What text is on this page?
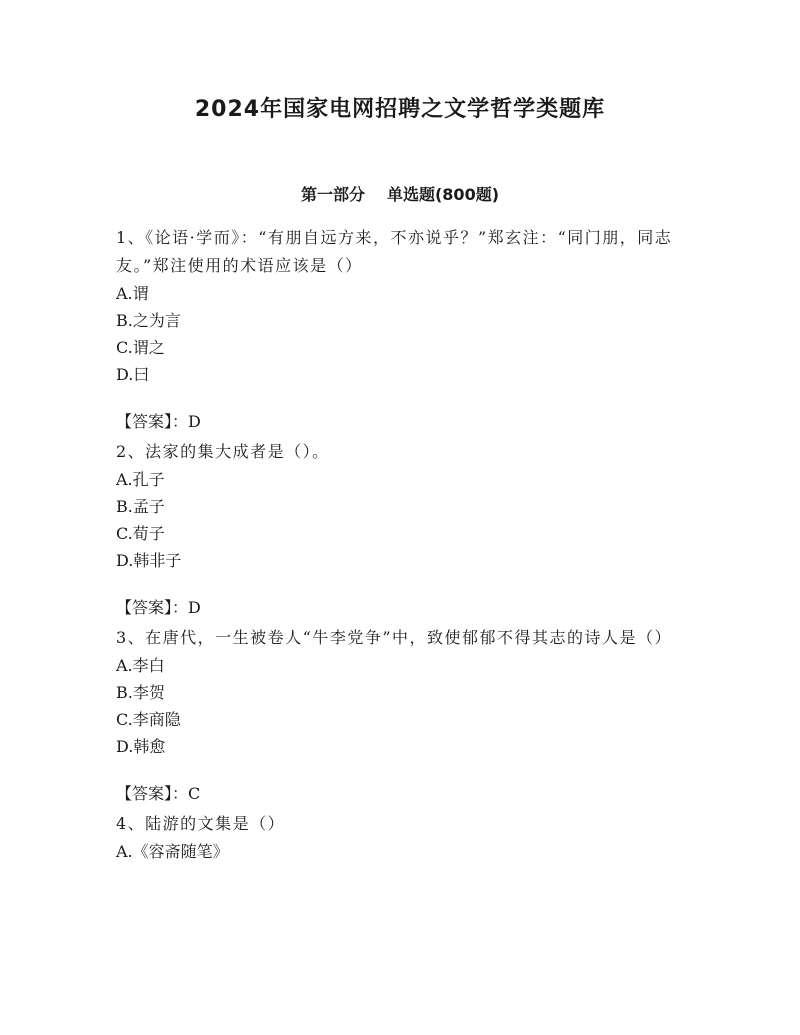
2024年国家电网招聘之文学哲学类题库
第一部分 单选题(800题)
1、《论语·学而》：“有朋自远方来，不亦说乎？”郑玄注：“同门朋，同志友。”郑注使用的术语应该是（）
A.谓
B.之为言
C.谓之
D.曰
【答案】：D
2、法家的集大成者是（）。
A.孔子
B.孟子
C.荀子
D.韩非子
【答案】：D
3、在唐代，一生被卷人“牛李党争”中，致使郁郁不得其志的诗人是（）
A.李白
B.李贺
C.李商隐
D.韩愈
【答案】：C
4、陆游的文集是（）
A.《容斋随笔》
